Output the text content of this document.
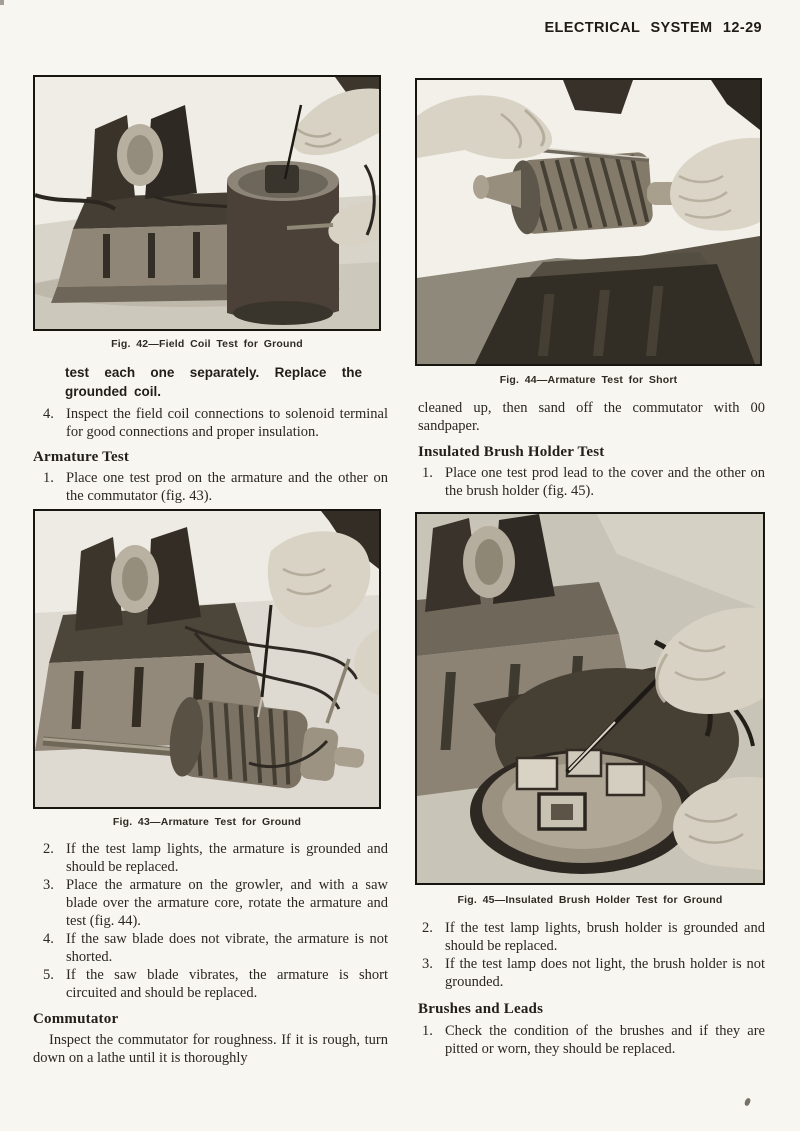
ELECTRICAL SYSTEM 12-29
Fig. 42—Field Coil Test for Ground
test each one separately. Replace the grounded coil.
4. Inspect the field coil connections to solenoid terminal for good connections and proper insulation.
Armature Test
1. Place one test prod on the armature and the other on the commutator (fig. 43).
Fig. 43—Armature Test for Ground
2. If the test lamp lights, the armature is grounded and should be replaced.
3. Place the armature on the growler, and with a saw blade over the armature core, rotate the armature and test (fig. 44).
4. If the saw blade does not vibrate, the armature is not shorted.
5. If the saw blade vibrates, the armature is short circuited and should be replaced.
Commutator
Inspect the commutator for roughness. If it is rough, turn down on a lathe until it is thoroughly
Fig. 44—Armature Test for Short
cleaned up, then sand off the commutator with 00 sandpaper.
Insulated Brush Holder Test
1. Place one test prod lead to the cover and the other on the brush holder (fig. 45).
Fig. 45—Insulated Brush Holder Test for Ground
2. If the test lamp lights, brush holder is grounded and should be replaced.
3. If the test lamp does not light, the brush holder is not grounded.
Brushes and Leads
1. Check the condition of the brushes and if they are pitted or worn, they should be replaced.
